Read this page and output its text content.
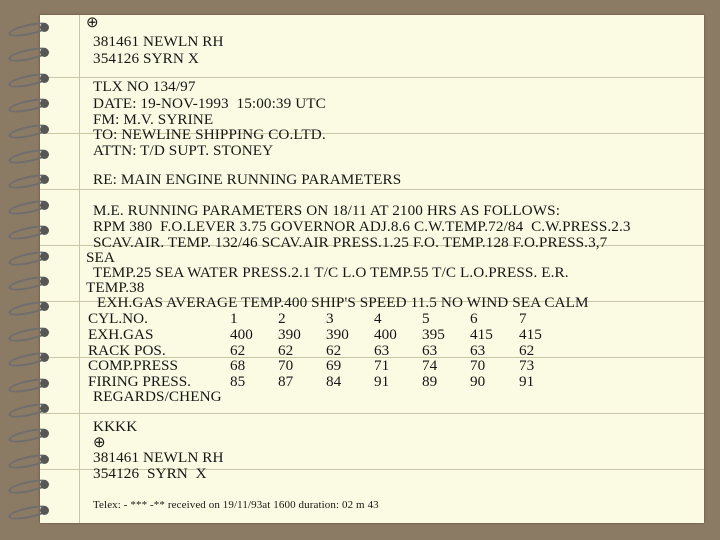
⊕
381461 NEWLN RH
354126 SYRN X
TLX NO 134/97
DATE: 19-NOV-1993  15:00:39 UTC
FM: M.V. SYRINE
TO: NEWLINE SHIPPING CO.LTD.
ATTN: T/D SUPT. STONEY
RE: MAIN ENGINE RUNNING PARAMETERS
M.E. RUNNING PARAMETERS ON 18/11 AT 2100 HRS AS FOLLOWS:
RPM 380  F.O.LEVER 3.75 GOVERNOR ADJ.8.6 C.W.TEMP.72/84  C.W.PRESS.2.3
SCAV.AIR. TEMP. 132/46 SCAV.AIR PRESS.1.25 F.O. TEMP.128 F.O.PRESS.3,7
SEA
TEMP.25 SEA WATER PRESS.2.1 T/C L.O TEMP.55 T/C L.O.PRESS. E.R.
TEMP.38
EXH.GAS AVERAGE TEMP.400 SHIP'S SPEED 11.5 NO WIND SEA CALM
CYL.NO.	1	2	3	4	5	6	7
EXH.GAS	400 390 390 400 395 415 415
RACK POS.	62 62 62 63 63 63 62
COMP.PRESS	68 70 69 71 74 70 73
FIRING PRESS.	85 87 84 91 89 90 91
REGARDS/CHENG
KKKK
⊕
381461 NEWLN RH
354126  SYRN  X
Telex: - *** -** received on 19/11/93at 1600 duration: 02 m 43
